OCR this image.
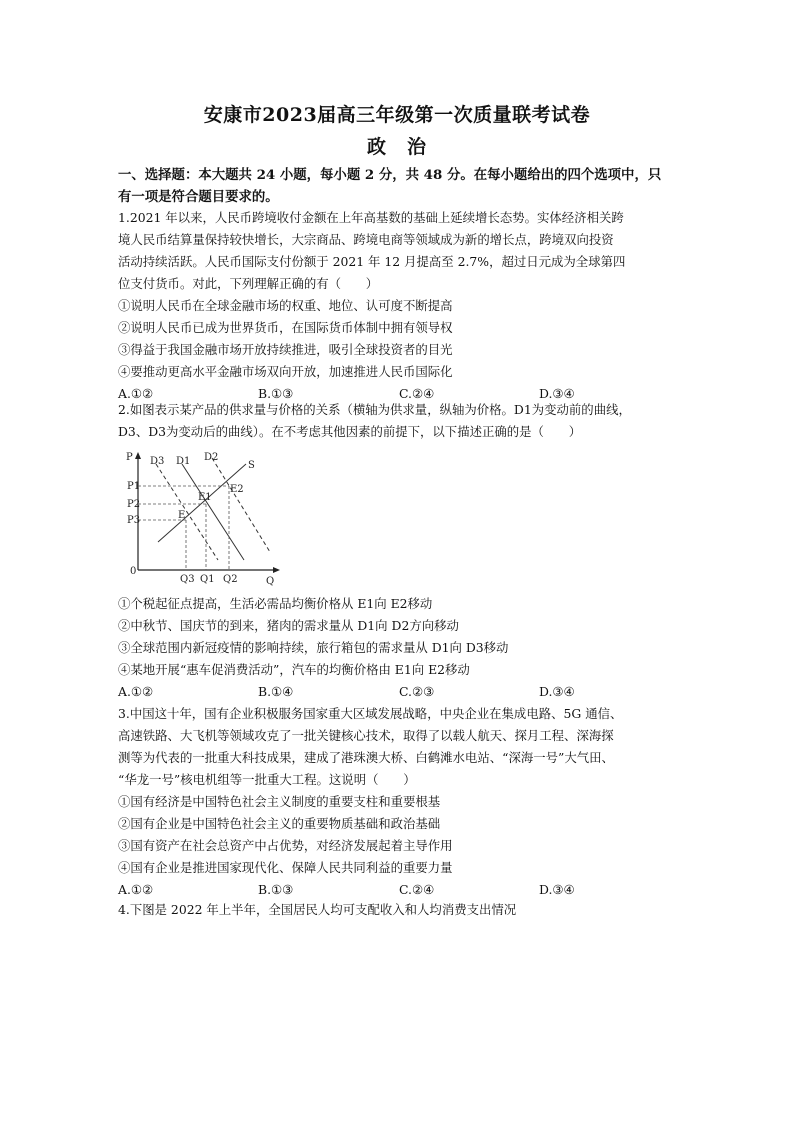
安康市2023届高三年级第一次质量联考试卷
政　治
一、选择题：本大题共 24 小题，每小题 2 分，共 48 分。在每小题给出的四个选项中，只
有一项是符合题目要求的。
1.2021 年以来，人民币跨境收付金额在上年高基数的基础上延续增长态势。实体经济相关跨
境人民币结算量保持较快增长，大宗商品、跨境电商等领域成为新的增长点，跨境双向投资
活动持续活跃。人民币国际支付份额于 2021 年 12 月提高至 2.7%，超过日元成为全球第四
位支付货币。对此，下列理解正确的有（　　）
①说明人民币在全球金融市场的权重、地位、认可度不断提高
②说明人民币已成为世界货币，在国际货币体制中拥有领导权
③得益于我国金融市场开放持续推进，吸引全球投资者的目光
④要推动更高水平金融市场双向开放，加速推进人民币国际化
A.①②	B.①③	C.②④	D.③④
2.如图表示某产品的供求量与价格的关系（横轴为供求量，纵轴为价格。D1为变动前的曲线，
D3、D3为变动后的曲线）。在不考虑其他因素的前提下，以下描述正确的是（　　）
P
0
Q
D3 D1 D2
S
P1
P2
P3
Q3 Q1 Q2
E
E1
E2
①个税起征点提高，生活必需品均衡价格从 E1向 E2移动
②中秋节、国庆节的到来，猪肉的需求量从 D1向 D2方向移动
③全球范围内新冠疫情的影响持续，旅行箱包的需求量从 D1向 D3移动
④某地开展“惠车促消费活动”，汽车的均衡价格由 E1向 E2移动
A.①②	B.①④	C.②③	D.③④
3.中国这十年，国有企业积极服务国家重大区域发展战略，中央企业在集成电路、5G 通信、
高速铁路、大飞机等领域攻克了一批关键核心技术，取得了以载人航天、探月工程、深海探
测等为代表的一批重大科技成果，建成了港珠澳大桥、白鹤滩水电站、“深海一号”大气田、
“华龙一号”核电机组等一批重大工程。这说明（　　）
①国有经济是中国特色社会主义制度的重要支柱和重要根基
②国有企业是中国特色社会主义的重要物质基础和政治基础
③国有资产在社会总资产中占优势，对经济发展起着主导作用
④国有企业是推进国家现代化、保障人民共同利益的重要力量
A.①②	B.①③	C.②④	D.③④
4.下图是 2022 年上半年，全国居民人均可支配收入和人均消费支出情况
